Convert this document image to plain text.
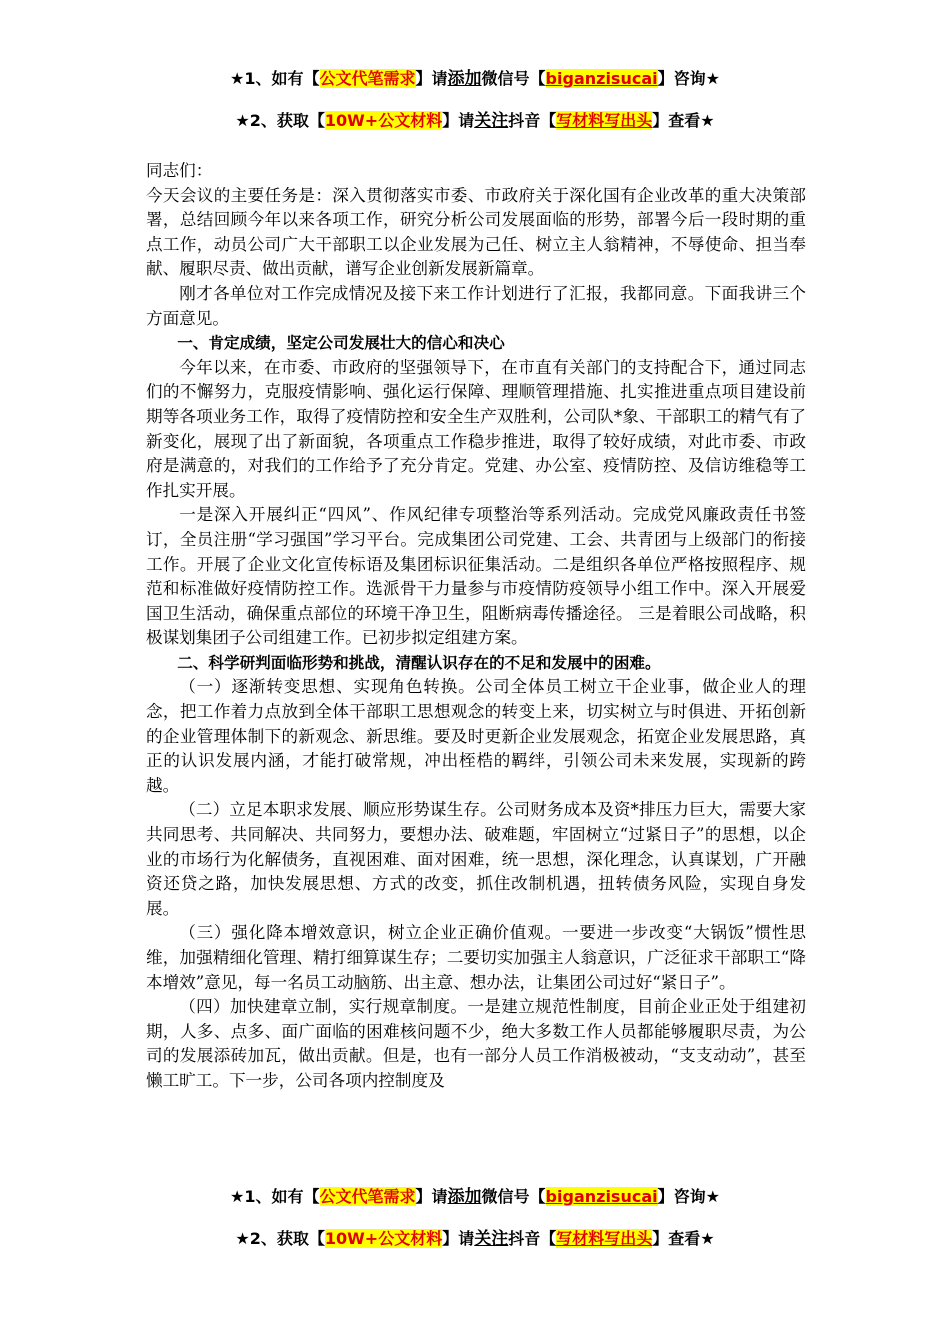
★1、如有【公文代笔需求】请添加微信号【biganzisucai】咨询★
★2、获取【10W+公文材料】请关注抖音【写材料写出头】查看★

同志们：

今天会议的主要任务是：深入贯彻落实市委、市政府关于深化国有企业改革的重大决策部署，总结回顾今年以来各项工作，研究分析公司发展面临的形势，部署今后一段时期的重点工作，动员公司广大干部职工以企业发展为己任、树立主人翁精神，不辱使命、担当奉献、履职尽责、做出贡献，谱写企业创新发展新篇章。

刚才各单位对工作完成情况及接下来工作计划进行了汇报，我都同意。下面我讲三个方面意见。

一、肯定成绩，坚定公司发展壮大的信心和决心

今年以来，在市委、市政府的坚强领导下，在市直有关部门的支持配合下，通过同志们的不懈努力，克服疫情影响、强化运行保障、理顺管理措施、扎实推进重点项目建设前期等各项业务工作，取得了疫情防控和安全生产双胜利，公司队*象、干部职工的精气有了新变化，展现了出了新面貌，各项重点工作稳步推进，取得了较好成绩，对此市委、市政府是满意的，对我们的工作给予了充分肯定。党建、办公室、疫情防控、及信访维稳等工作扎实开展。

一是深入开展纠正“四风”、作风纪律专项整治等系列活动。完成党风廉政责任书签订，全员注册“学习强国”学习平台。完成集团公司党建、工会、共青团与上级部门的衔接工作。开展了企业文化宣传标语及集团标识征集活动。二是组织各单位严格按照程序、规范和标准做好疫情防控工作。选派骨干力量参与市疫情防疫领导小组工作中。深入开展爱国卫生活动，确保重点部位的环境干净卫生，阻断病毒传播途径。 三是着眼公司战略，积极谋划集团子公司组建工作。已初步拟定组建方案。

二、科学研判面临形势和挑战，清醒认识存在的不足和发展中的困难。

（一）逐渐转变思想、实现角色转换。公司全体员工树立干企业事，做企业人的理念，把工作着力点放到全体干部职工思想观念的转变上来，切实树立与时俱进、开拓创新的企业管理体制下的新观念、新思维。要及时更新企业发展观念，拓宽企业发展思路，真正的认识发展内涵，才能打破常规，冲出桎梏的羁绊，引领公司未来发展，实现新的跨越。

（二）立足本职求发展、顺应形势谋生存。公司财务成本及资*排压力巨大，需要大家共同思考、共同解决、共同努力，要想办法、破难题，牢固树立“过紧日子”的思想，以企业的市场行为化解债务，直视困难、面对困难，统一思想，深化理念，认真谋划，广开融资还贷之路，加快发展思想、方式的改变，抓住改制机遇，扭转债务风险，实现自身发展。

（三）强化降本增效意识，树立企业正确价值观。一要进一步改变“大锅饭”惯性思维，加强精细化管理、精打细算谋生存；二要切实加强主人翁意识，广泛征求干部职工“降本增效”意见，每一名员工动脑筋、出主意、想办法，让集团公司过好“紧日子”。

（四）加快建章立制，实行规章制度。一是建立规范性制度，目前企业正处于组建初期，人多、点多、面广面临的困难核问题不少，绝大多数工作人员都能够履职尽责，为公司的发展添砖加瓦，做出贡献。但是，也有一部分人员工作消极被动，“支支动动”，甚至懒工旷工。下一步，公司各项内控制度及

★1、如有【公文代笔需求】请添加微信号【biganzisucai】咨询★
★2、获取【10W+公文材料】请关注抖音【写材料写出头】查看★
